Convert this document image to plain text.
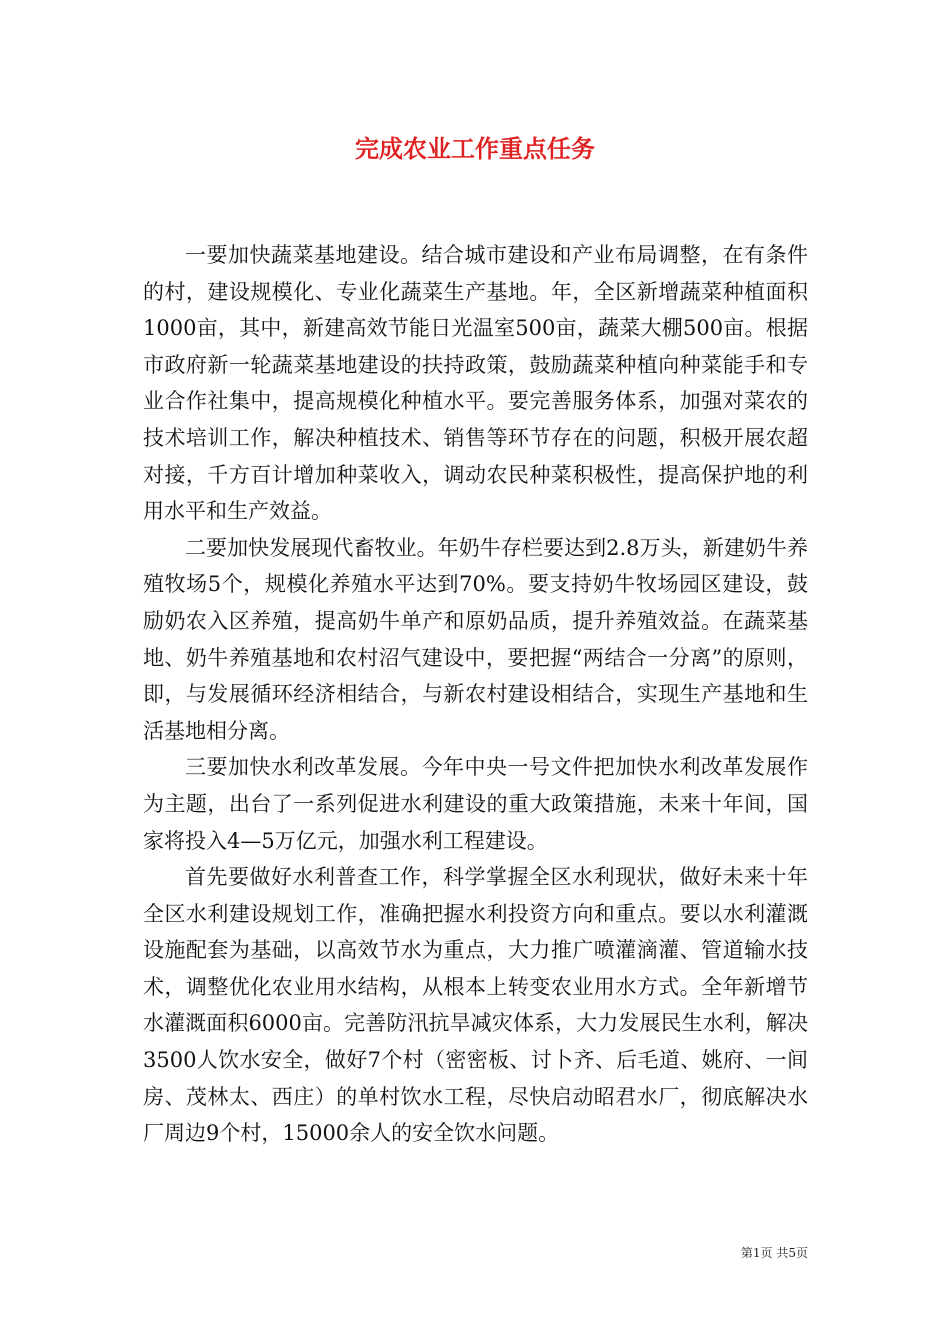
完成农业工作重点任务

一要加快蔬菜基地建设。结合城市建设和产业布局调整，在有条件的村，建设规模化、专业化蔬菜生产基地。年，全区新增蔬菜种植面积1000亩，其中，新建高效节能日光温室500亩，蔬菜大棚500亩。根据市政府新一轮蔬菜基地建设的扶持政策，鼓励蔬菜种植向种菜能手和专业合作社集中，提高规模化种植水平。要完善服务体系，加强对菜农的技术培训工作，解决种植技术、销售等环节存在的问题，积极开展农超对接，千方百计增加种菜收入，调动农民种菜积极性，提高保护地的利用水平和生产效益。

二要加快发展现代畜牧业。年奶牛存栏要达到2.8万头，新建奶牛养殖牧场5个，规模化养殖水平达到70%。要支持奶牛牧场园区建设，鼓励奶农入区养殖，提高奶牛单产和原奶品质，提升养殖效益。在蔬菜基地、奶牛养殖基地和农村沼气建设中，要把握“两结合一分离”的原则，即，与发展循环经济相结合，与新农村建设相结合，实现生产基地和生活基地相分离。

三要加快水利改革发展。今年中央一号文件把加快水利改革发展作为主题，出台了一系列促进水利建设的重大政策措施，未来十年间，国家将投入4—5万亿元，加强水利工程建设。

首先要做好水利普查工作，科学掌握全区水利现状，做好未来十年全区水利建设规划工作，准确把握水利投资方向和重点。要以水利灌溉设施配套为基础，以高效节水为重点，大力推广喷灌滴灌、管道输水技术，调整优化农业用水结构，从根本上转变农业用水方式。全年新增节水灌溉面积6000亩。完善防汛抗旱减灾体系，大力发展民生水利，解决3500人饮水安全，做好7个村（密密板、讨卜齐、后毛道、姚府、一间房、茂林太、西庄）的单村饮水工程，尽快启动昭君水厂，彻底解决水厂周边9个村，15000余人的安全饮水问题。

第1页 共5页
